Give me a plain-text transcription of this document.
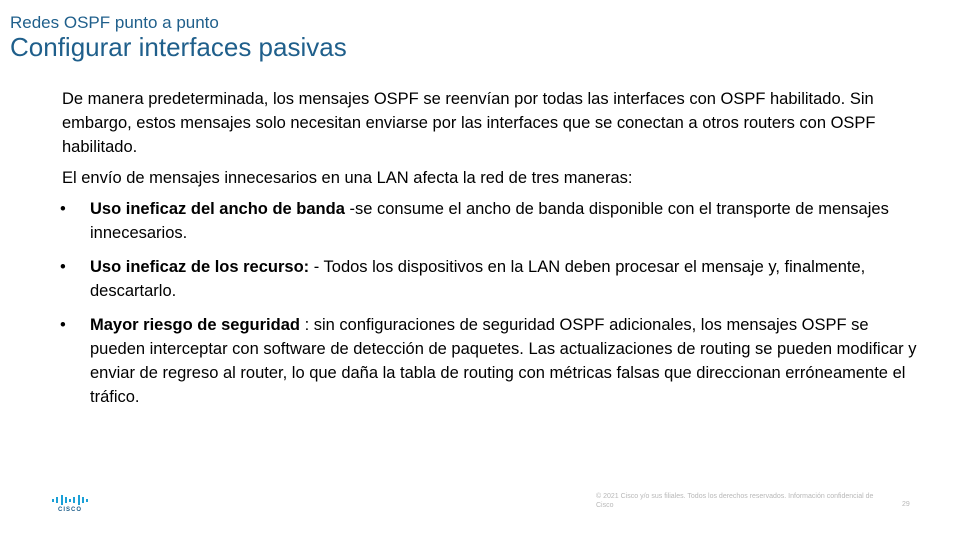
Redes OSPF punto a punto
Configurar interfaces pasivas

De manera predeterminada, los mensajes OSPF se reenvían por todas las interfaces con OSPF habilitado. Sin embargo, estos mensajes solo necesitan enviarse por las interfaces que se conectan a otros routers con OSPF habilitado.

El envío de mensajes innecesarios en una LAN afecta la red de tres maneras:

• Uso ineficaz del ancho de banda -se consume el ancho de banda disponible con el transporte de mensajes innecesarios.
• Uso ineficaz de los recurso: - Todos los dispositivos en la LAN deben procesar el mensaje y, finalmente, descartarlo.
• Mayor riesgo de seguridad : sin configuraciones de seguridad OSPF adicionales, los mensajes OSPF se pueden interceptar con software de detección de paquetes. Las actualizaciones de routing se pueden modificar y enviar de regreso al router, lo que daña la tabla de routing con métricas falsas que direccionan erróneamente el tráfico.
CISCO
© 2021 Cisco y/o sus filiales. Todos los derechos reservados. Información confidencial de Cisco	29
